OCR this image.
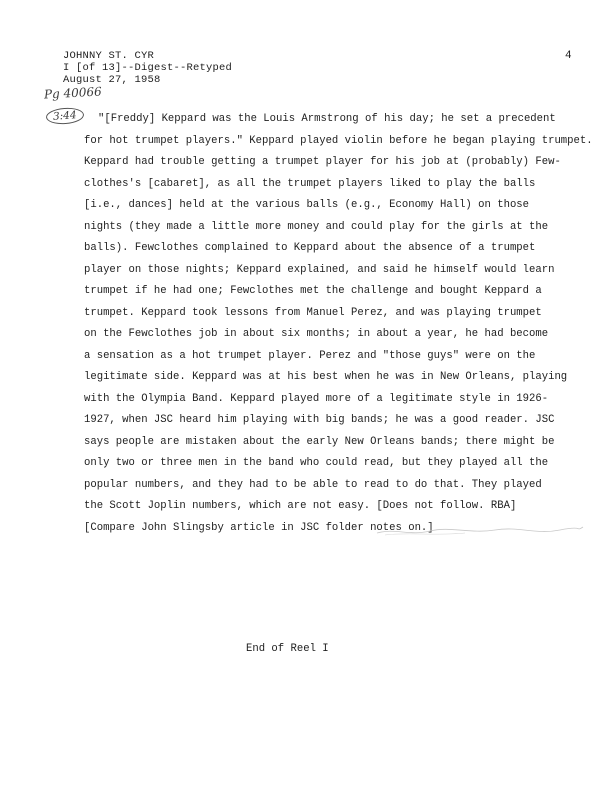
JOHNNY ST. CYR
I [of 13]--Digest--Retyped
August 27, 1958
4
Pg 40066
3:44	"[Freddy] Keppard was the Louis Armstrong of his day; he set a precedent
for hot trumpet players." Keppard played violin before he began playing trumpet.
Keppard had trouble getting a trumpet player for his job at (probably) Few-
clothes's [cabaret], as all the trumpet players liked to play the balls
[i.e., dances] held at the various balls (e.g., Economy Hall) on those
nights (they made a little more money and could play for the girls at the
balls). Fewclothes complained to Keppard about the absence of a trumpet
player on those nights; Keppard explained, and said he himself would learn
trumpet if he had one; Fewclothes met the challenge and bought Keppard a
trumpet. Keppard took lessons from Manuel Perez, and was playing trumpet
on the Fewclothes job in about six months; in about a year, he had become
a sensation as a hot trumpet player. Perez and "those guys" were on the
legitimate side. Keppard was at his best when he was in New Orleans, playing
with the Olympia Band. Keppard played more of a legitimate style in 1926-
1927, when JSC heard him playing with big bands; he was a good reader. JSC
says people are mistaken about the early New Orleans bands; there might be
only two or three men in the band who could read, but they played all the
popular numbers, and they had to be able to read to do that. They played
the Scott Joplin numbers, which are not easy. [Does not follow. RBA]
[Compare John Slingsby article in JSC folder notes on.]
End of Reel I
